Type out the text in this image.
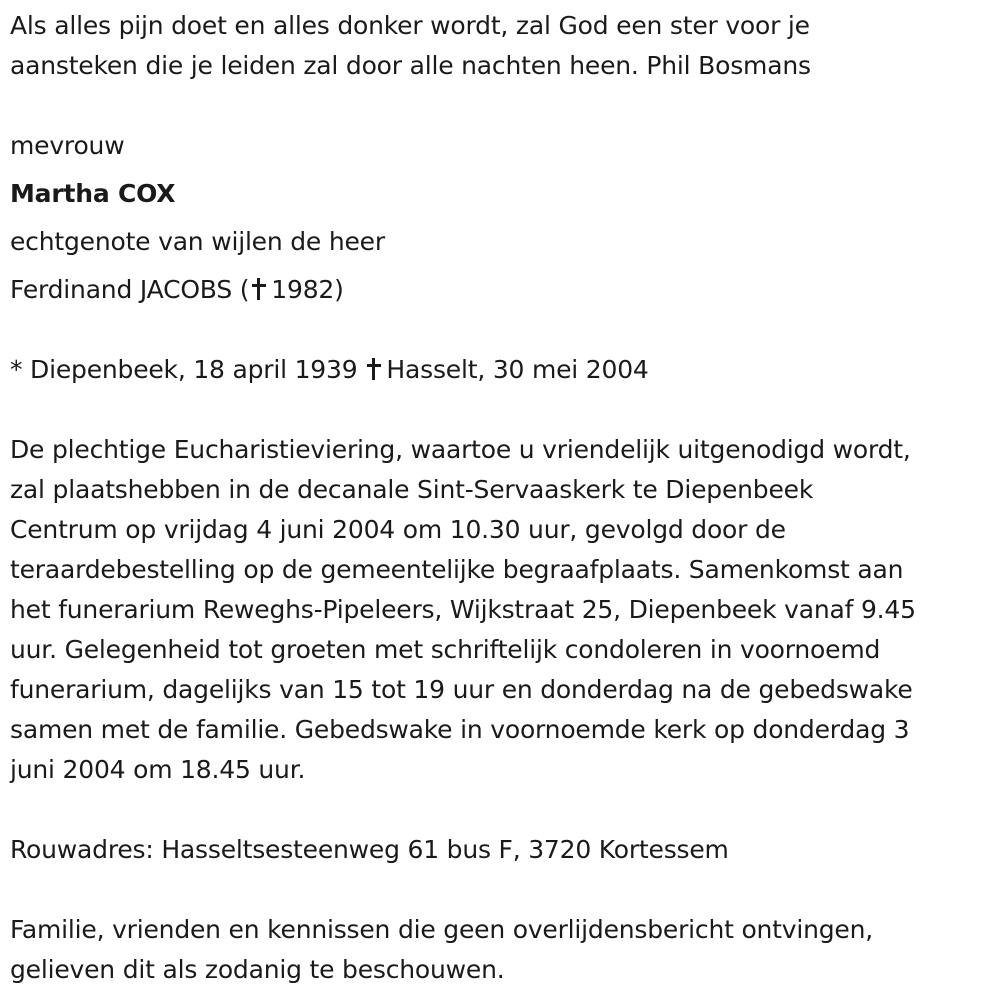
Als alles pijn doet en alles donker wordt, zal God een ster voor je
aansteken die je leiden zal door alle nachten heen. Phil Bosmans
mevrouw
Martha COX
echtgenote van wijlen de heer
Ferdinand JACOBS ( 1982)
* Diepenbeek, 18 april 1939 Hasselt, 30 mei 2004
De plechtige Eucharistieviering, waartoe u vriendelijk uitgenodigd wordt,
zal plaatshebben in de decanale Sint-Servaaskerk te Diepenbeek
Centrum op vrijdag 4 juni 2004 om 10.30 uur, gevolgd door de
teraardebestelling op de gemeentelijke begraafplaats. Samenkomst aan
het funerarium Reweghs-Pipeleers, Wijkstraat 25, Diepenbeek vanaf 9.45
uur. Gelegenheid tot groeten met schriftelijk condoleren in voornoemd
funerarium, dagelijks van 15 tot 19 uur en donderdag na de gebedswake
samen met de familie. Gebedswake in voornoemde kerk op donderdag 3
juni 2004 om 18.45 uur.
Rouwadres: Hasseltsesteenweg 61 bus F, 3720 Kortessem
Familie, vrienden en kennissen die geen overlijdensbericht ontvingen,
gelieven dit als zodanig te beschouwen.
